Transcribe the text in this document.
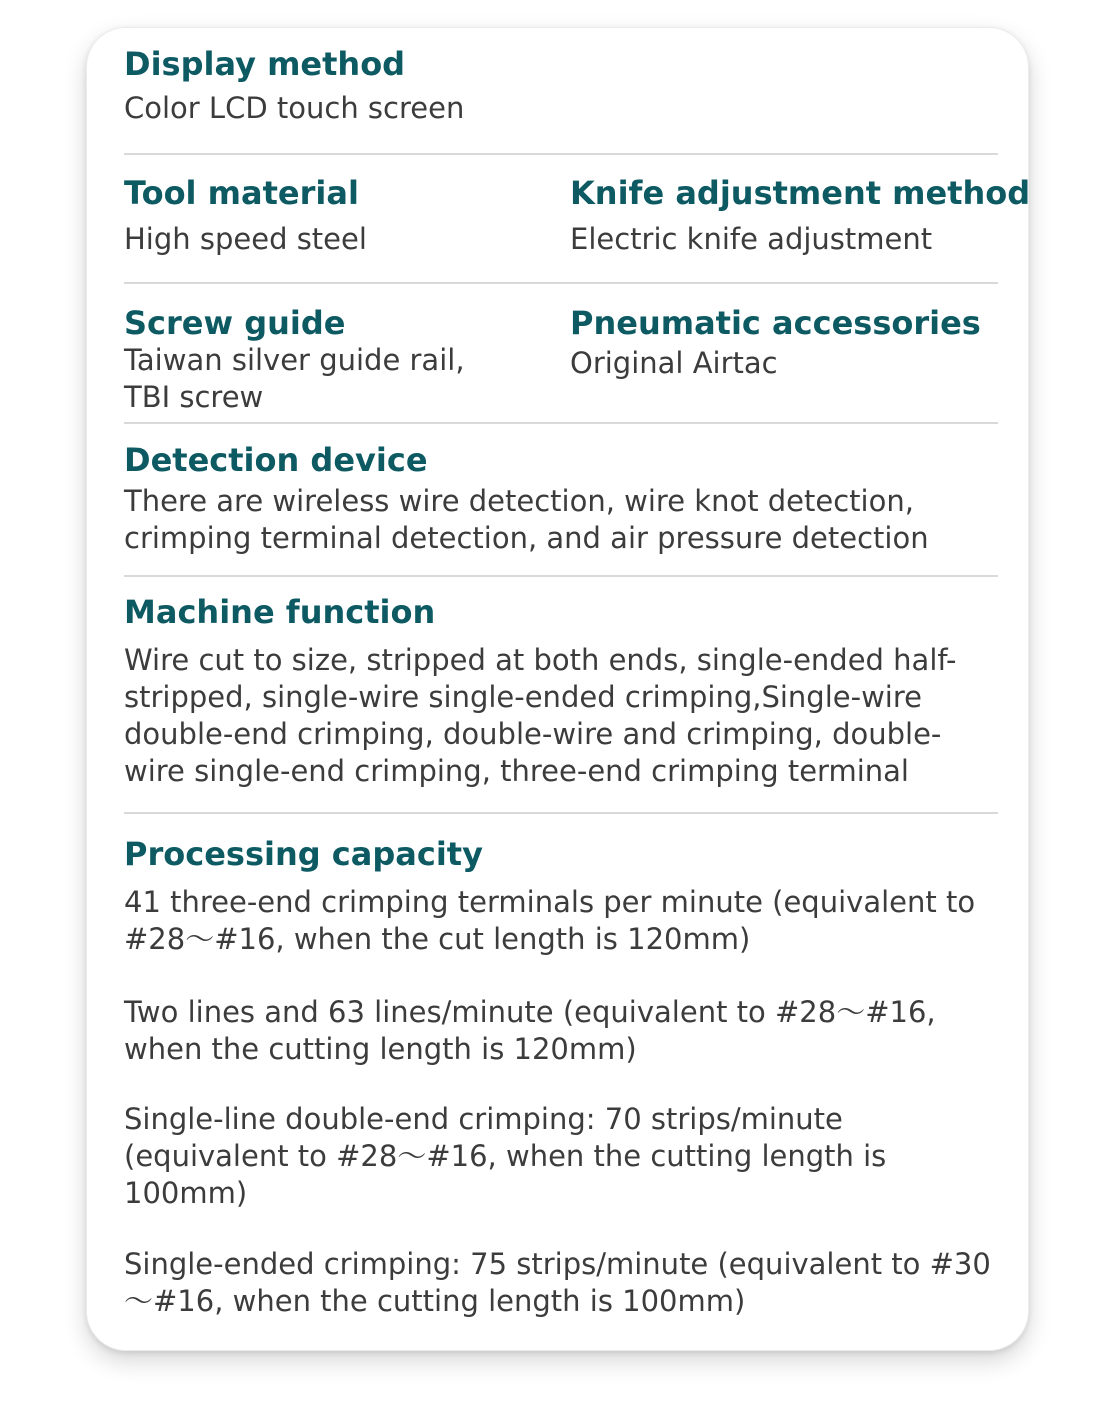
Display method
Color LCD touch screen
Tool material
High speed steel
Knife adjustment method
Electric knife adjustment
Screw guide
Taiwan silver guide rail,
TBI screw
Pneumatic accessories
Original Airtac
Detection device
There are wireless wire detection, wire knot detection,
crimping terminal detection, and air pressure detection
Machine function
Wire cut to size, stripped at both ends, single-ended half-
stripped, single-wire single-ended crimping,Single-wire
double-end crimping, double-wire and crimping, double-
wire single-end crimping, three-end crimping terminal
Processing capacity
41 three-end crimping terminals per minute (equivalent to
#28～#16, when the cut length is 120mm)
Two lines and 63 lines/minute (equivalent to #28～#16,
when the cutting length is 120mm)
Single-line double-end crimping: 70 strips/minute
(equivalent to #28～#16, when the cutting length is
100mm)
Single-ended crimping: 75 strips/minute (equivalent to #30
～#16, when the cutting length is 100mm)
